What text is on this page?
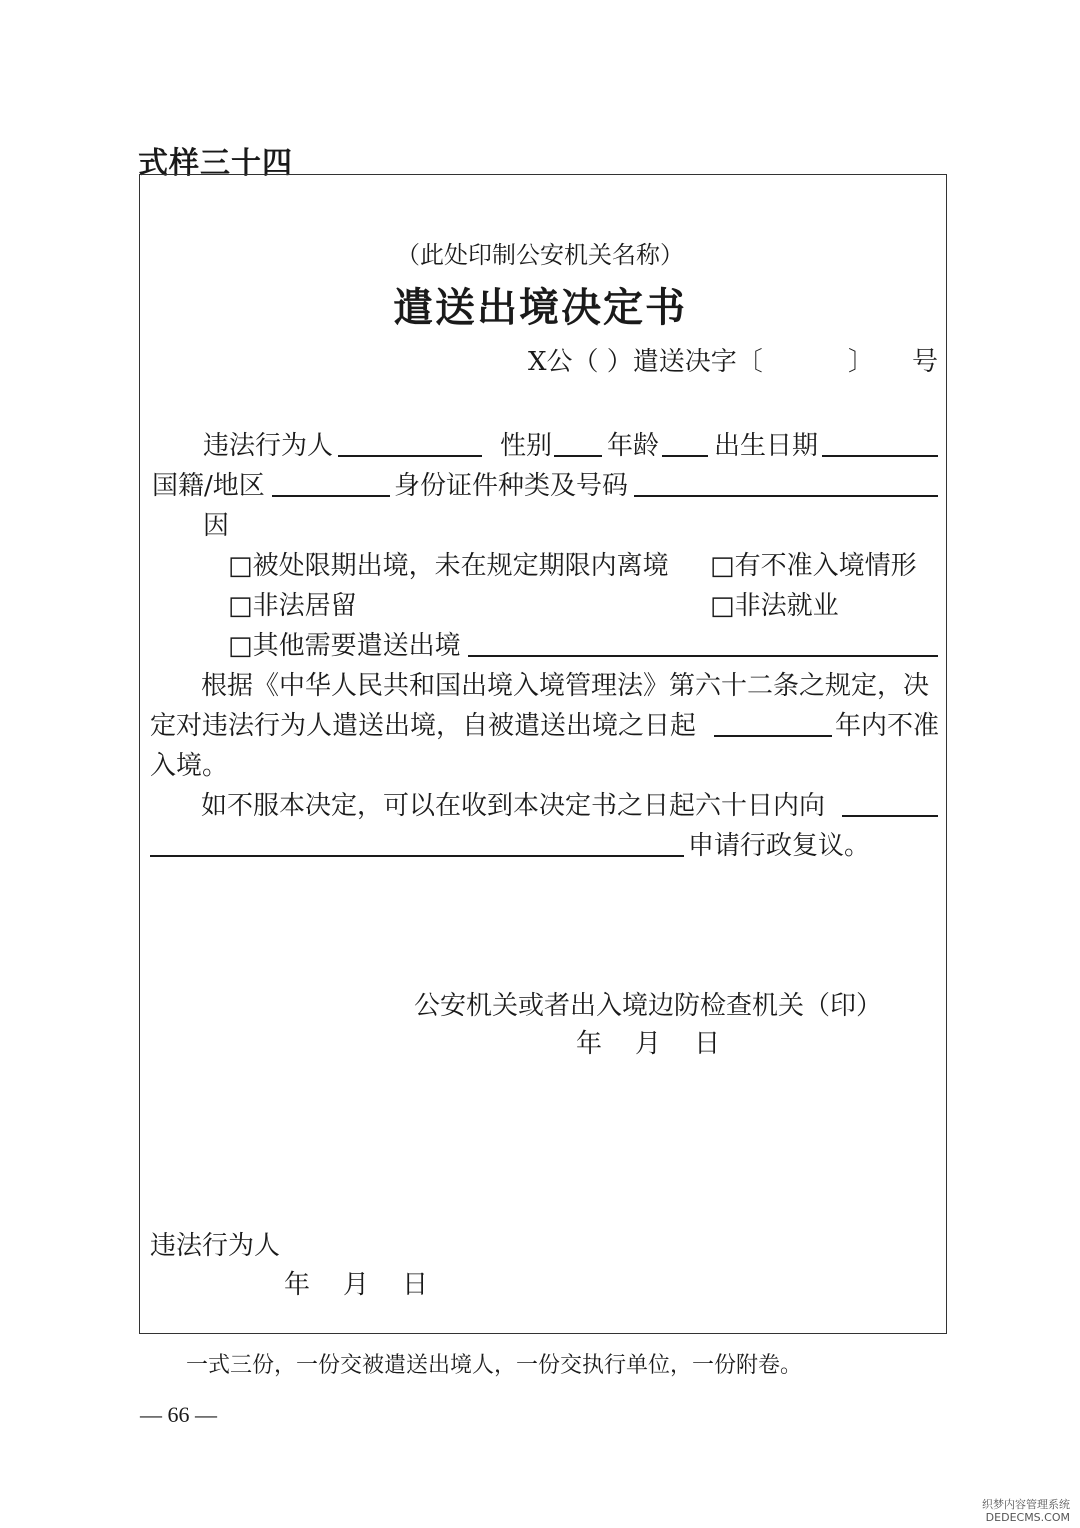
式样三十四
（此处印制公安机关名称）
遣送出境决定书
X公（ ）遣送决字〔	〕 号
违法行为人	性别 年龄 出生日期
国籍/地区	身份证件种类及号码
因
□被处限期出境，未在规定期限内离境 □有不准入境情形
□非法居留	□非法就业
□其他需要遣送出境
根据《中华人民共和国出境入境管理法》第六十二条之规定，决
定对违法行为人遣送出境，自被遣送出境之日起	年内不准
入境。
如不服本决定，可以在收到本决定书之日起六十日内向
申请行政复议。
公安机关或者出入境边防检查机关（印）
年    月    日
违法行为人
年    月    日
一式三份，一份交被遣送出境人，一份交执行单位，一份附卷。
— 66 —
织梦内容管理系统
DEDECMS.COM
